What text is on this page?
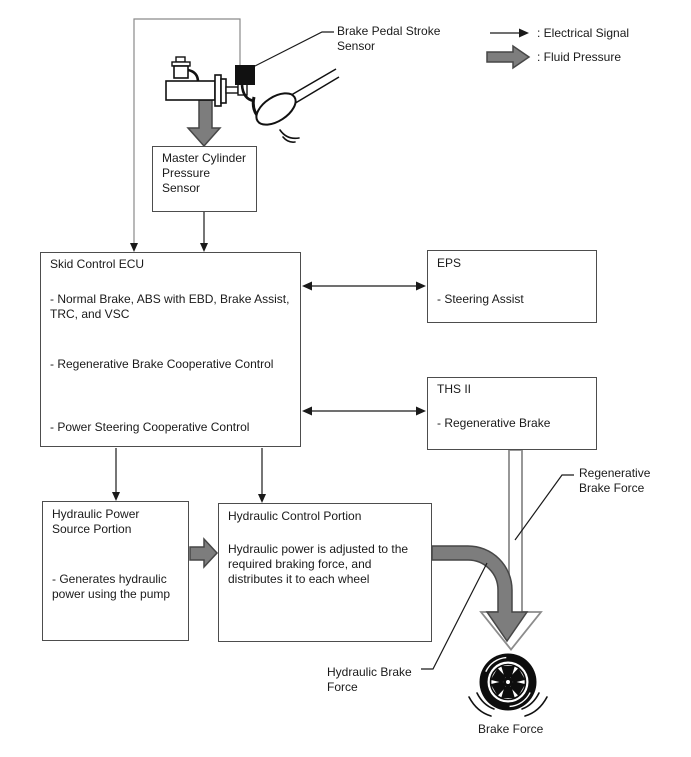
: Electrical Signal
: Fluid Pressure
Brake Pedal Stroke Sensor
Regenerative Brake Force
Hydraulic Brake Force
Brake Force
Master Cylinder Pressure Sensor
Skid Control ECU
- Normal Brake, ABS with EBD, Brake Assist, TRC, and VSC
- Regenerative Brake Cooperative Control
- Power Steering Cooperative Control
EPS
- Steering Assist
THS II
- Regenerative Brake
Hydraulic Power Source Portion
- Generates hydraulic power using the pump
Hydraulic Control Portion
Hydraulic power is adjusted to the required braking force, and distributes it to each wheel
